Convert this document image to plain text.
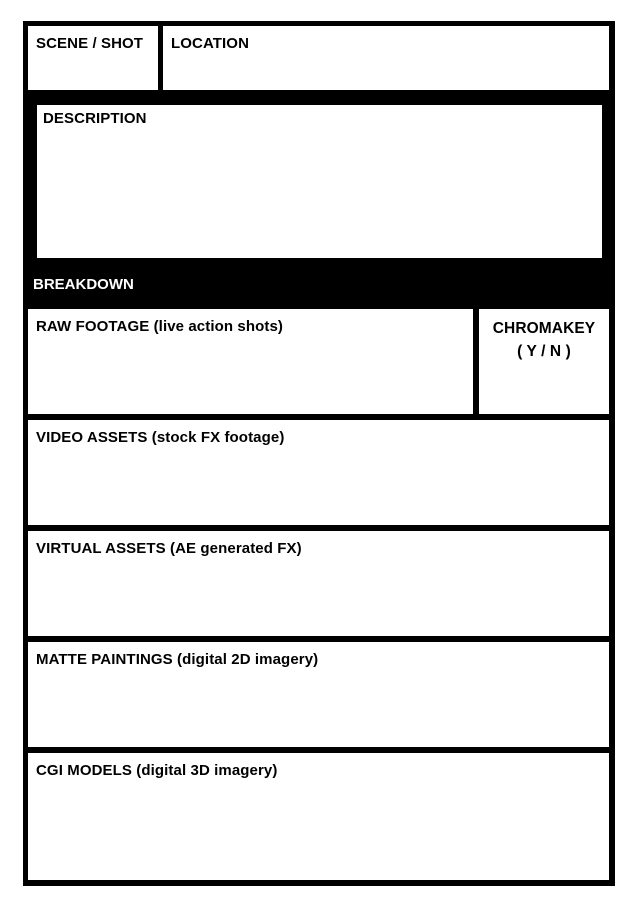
SCENE / SHOT LOCATION
DESCRIPTION
BREAKDOWN
RAW FOOTAGE (live action shots)	CHROMAKEY
( Y / N )
VIDEO ASSETS (stock FX footage)
VIRTUAL ASSETS (AE generated FX)
MATTE PAINTINGS (digital 2D imagery)
CGI MODELS (digital 3D imagery)
